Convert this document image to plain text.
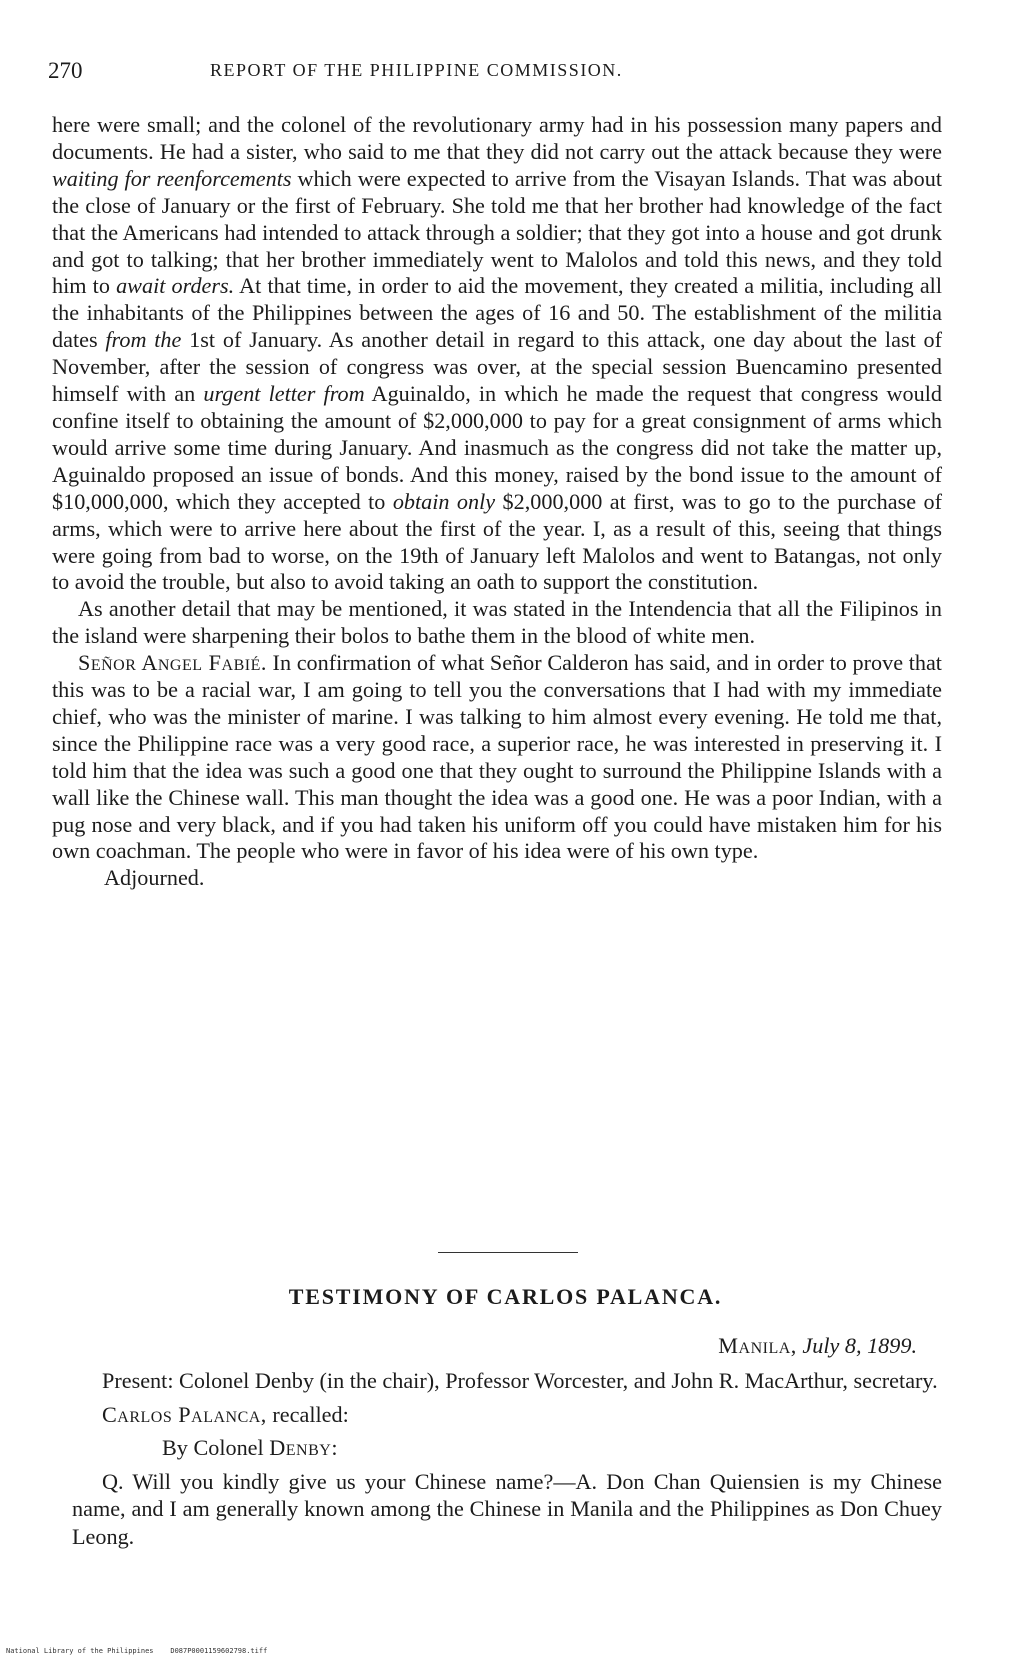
270	REPORT OF THE PHILIPPINE COMMISSION.

here were small; and the colonel of the revolutionary army had in his possession many papers and documents. He had a sister, who said to me that they did not carry out the attack because they were waiting for reenforcements which were expected to arrive from the Visayan Islands. That was about the close of January or the first of February. She told me that her brother had knowledge of the fact that the Americans had intended to attack through a soldier; that they got into a house and got drunk and got to talking; that her brother immediately went to Malolos and told this news, and they told him to await orders. At that time, in order to aid the movement, they created a militia, including all the inhabitants of the Philippines between the ages of 16 and 50. The establishment of the militia dates from the 1st of January. As another detail in regard to this attack, one day about the last of November, after the session of congress was over, at the special session Buencamino presented himself with an urgent letter from Aguinaldo, in which he made the request that congress would confine itself to obtaining the amount of $2,000,000 to pay for a great consignment of arms which would arrive some time during January. And inasmuch as the congress did not take the matter up, Aguinaldo proposed an issue of bonds. And this money, raised by the bond issue to the amount of $10,000,000, which they accepted to obtain only $2,000,000 at first, was to go to the purchase of arms, which were to arrive here about the first of the year. I, as a result of this, seeing that things were going from bad to worse, on the 19th of January left Malolos and went to Batangas, not only to avoid the trouble, but also to avoid taking an oath to support the constitution.

As another detail that may be mentioned, it was stated in the Intendencia that all the Filipinos in the island were sharpening their bolos to bathe them in the blood of white men.

Señor Angel Fabié. In confirmation of what Señor Calderon has said, and in order to prove that this was to be a racial war, I am going to tell you the conversations that I had with my immediate chief, who was the minister of marine. I was talking to him almost every evening. He told me that, since the Philippine race was a very good race, a superior race, he was interested in preserving it. I told him that the idea was such a good one that they ought to surround the Philippine Islands with a wall like the Chinese wall. This man thought the idea was a good one. He was a poor Indian, with a pug nose and very black, and if you had taken his uniform off you could have mistaken him for his own coachman. The people who were in favor of his idea were of his own type.

Adjourned.

TESTIMONY OF CARLOS PALANCA.
Manila, July 8, 1899.

Present: Colonel Denby (in the chair), Professor Worcester, and John R. MacArthur, secretary.

Carlos Palanca, recalled:

By Colonel Denby:

Q. Will you kindly give us your Chinese name?—A. Don Chan Quiensien is my Chinese name, and I am generally known among the Chinese in Manila and the Philippines as Don Chuey Leong.

National Library of the Philippines    D087P0001159602798.tiff
